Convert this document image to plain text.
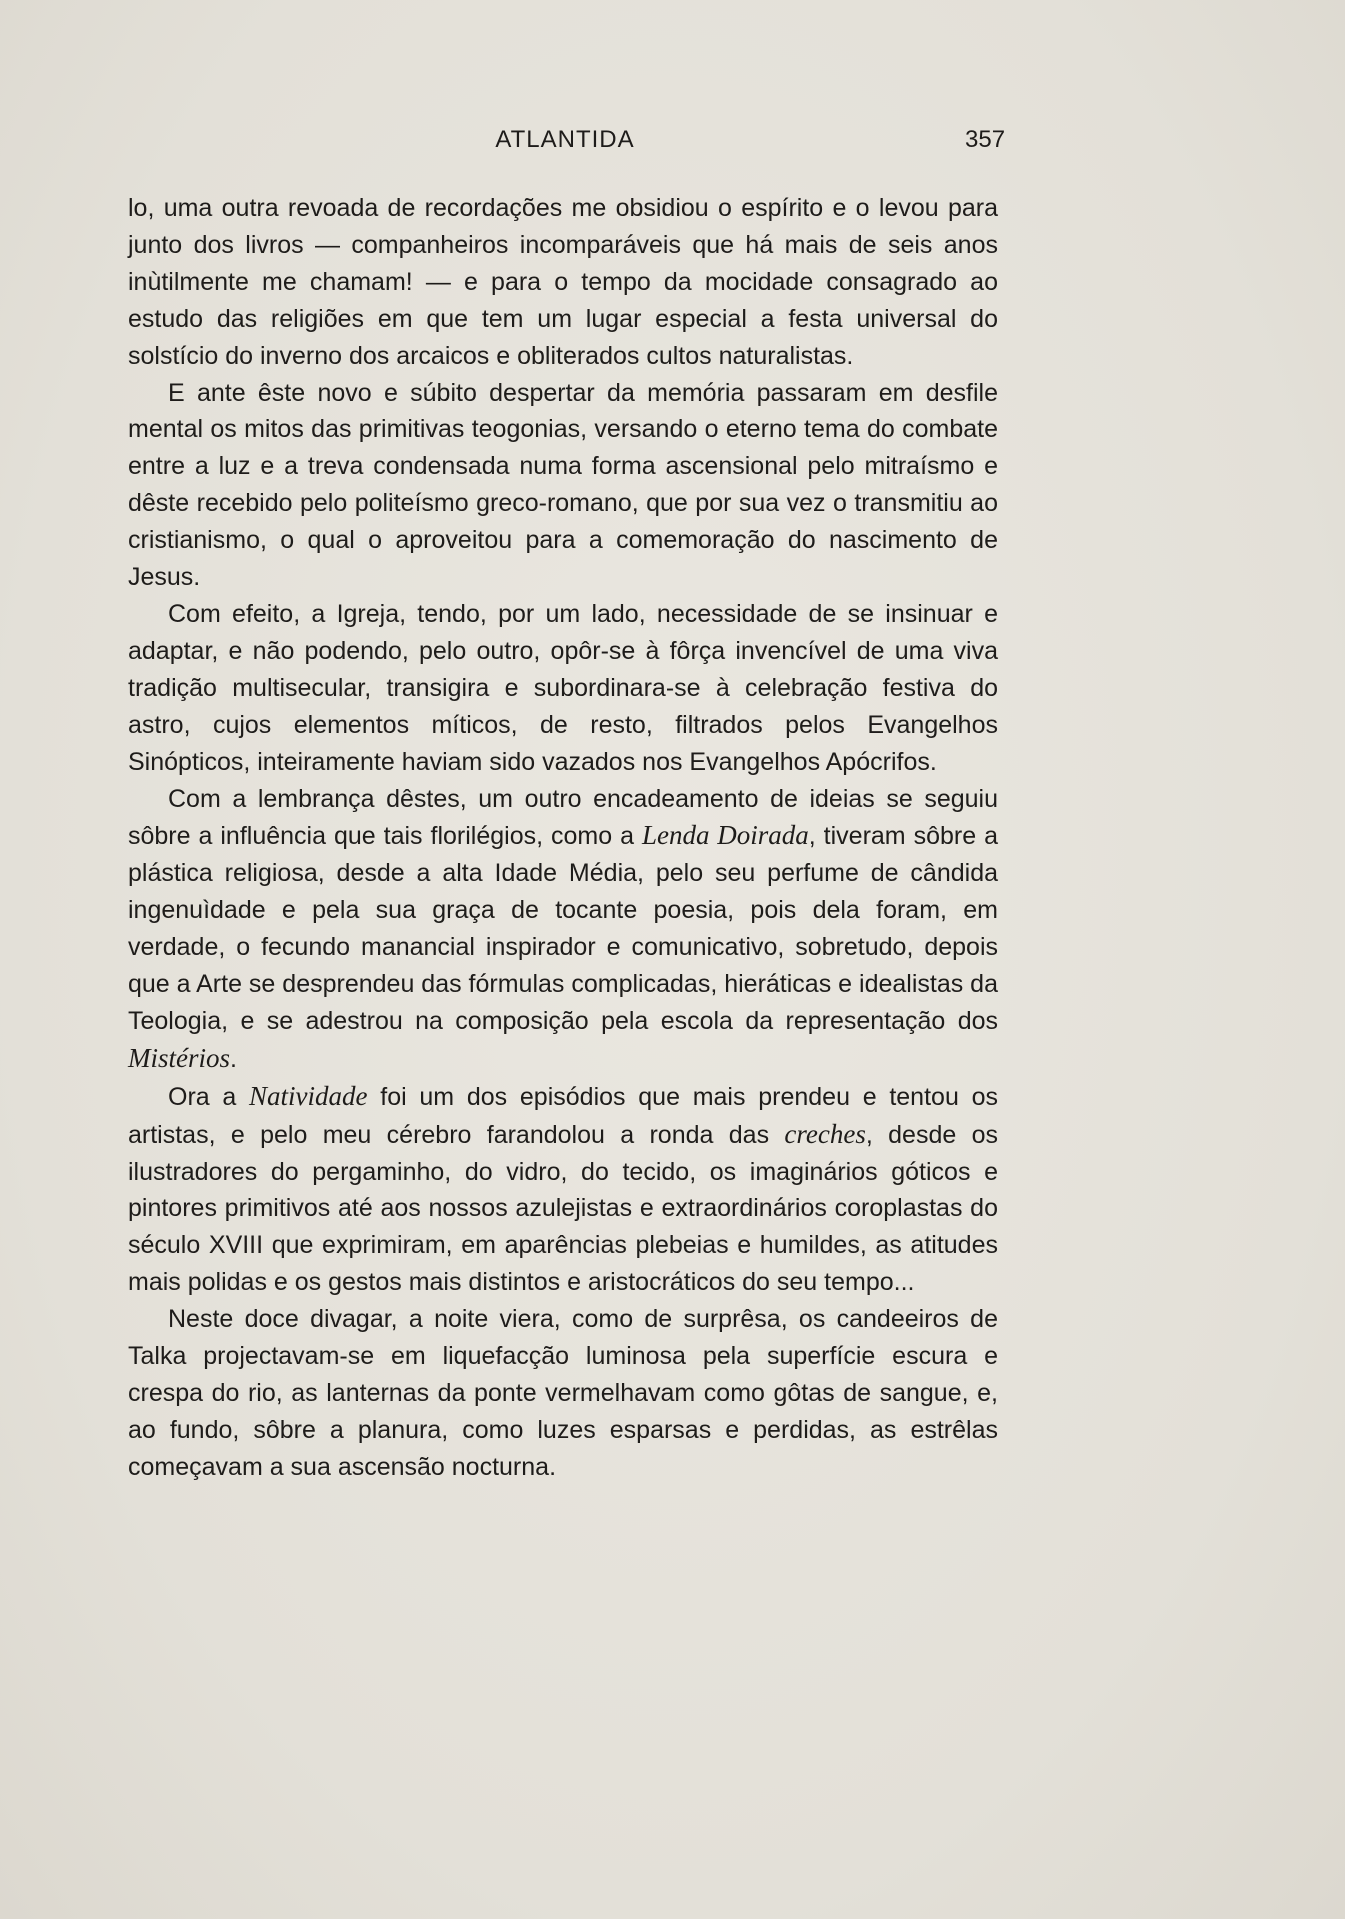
ATLANTIDA	357

lo, uma outra revoada de recordações me obsidiou o espírito e o levou para junto dos livros — companheiros incomparáveis que há mais de seis anos inùtilmente me chamam! — e para o tempo da mocidade consagrado ao estudo das religiões em que tem um lugar especial a festa universal do solstício do inverno dos arcaicos e obliterados cultos naturalistas.

E ante êste novo e súbito despertar da memória passaram em desfile mental os mitos das primitivas teogonias, versando o eterno tema do combate entre a luz e a treva condensada numa forma ascensional pelo mitraísmo e dêste recebido pelo politeísmo greco-romano, que por sua vez o transmitiu ao cristianismo, o qual o aproveitou para a comemoração do nascimento de Jesus.

Com efeito, a Igreja, tendo, por um lado, necessidade de se insinuar e adaptar, e não podendo, pelo outro, opôr-se à fôrça invencível de uma viva tradição multisecular, transigira e subordinara-se à celebração festiva do astro, cujos elementos míticos, de resto, filtrados pelos Evangelhos Sinópticos, inteiramente haviam sido vazados nos Evangelhos Apócrifos.

Com a lembrança dêstes, um outro encadeamento de ideias se seguiu sôbre a influência que tais florilégios, como a Lenda Doirada, tiveram sôbre a plástica religiosa, desde a alta Idade Média, pelo seu perfume de cândida ingenuìdade e pela sua graça de tocante poesia, pois dela foram, em verdade, o fecundo manancial inspirador e comunicativo, sobretudo, depois que a Arte se desprendeu das fórmulas complicadas, hieráticas e idealistas da Teologia, e se adestrou na composição pela escola da representação dos Mistérios.

Ora a Natividade foi um dos episódios que mais prendeu e tentou os artistas, e pelo meu cérebro farandolou a ronda das creches, desde os ilustradores do pergaminho, do vidro, do tecido, os imaginários góticos e pintores primitivos até aos nossos azulejistas e extraordinários coroplastas do século XVIII que exprimiram, em aparências plebeias e humildes, as atitudes mais polidas e os gestos mais distintos e aristocráticos do seu tempo...

Neste doce divagar, a noite viera, como de surprêsa, os candeeiros de Talka projectavam-se em liquefacção luminosa pela superfície escura e crespa do rio, as lanternas da ponte vermelhavam como gôtas de sangue, e, ao fundo, sôbre a planura, como luzes esparsas e perdidas, as estrêlas começavam a sua ascensão nocturna.
